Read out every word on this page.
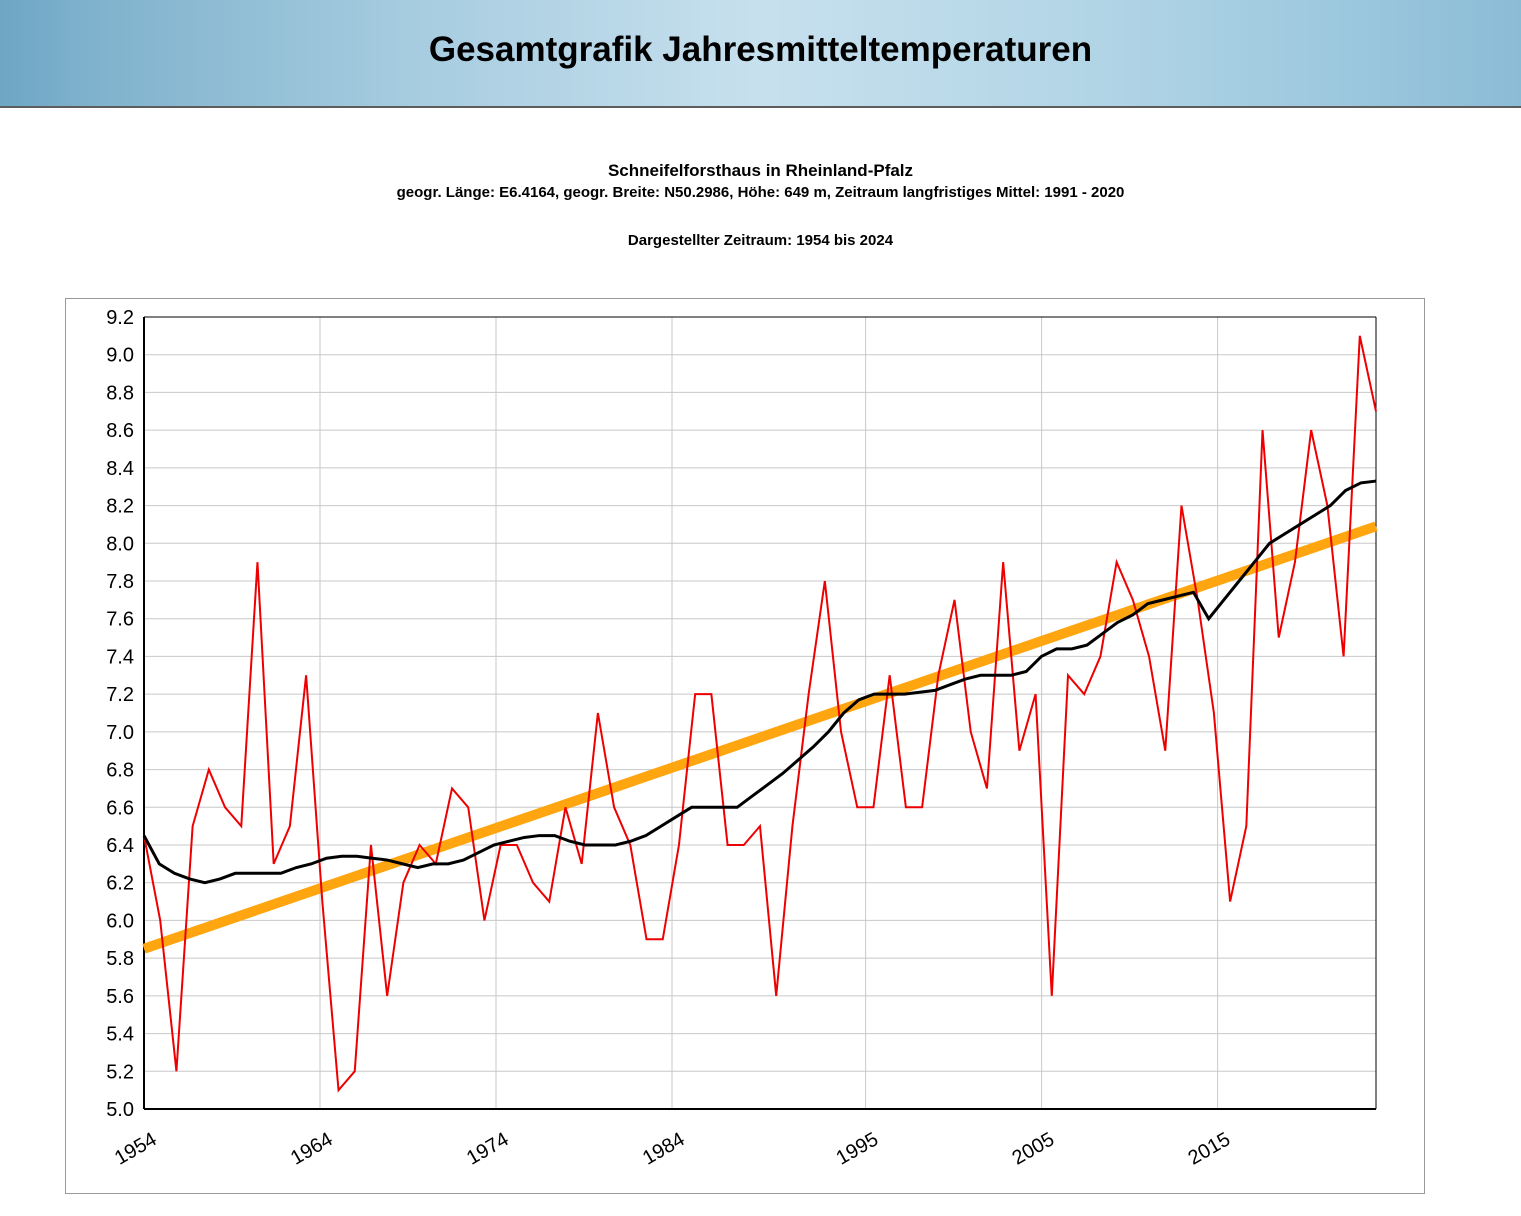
Gesamtgrafik Jahresmitteltemperaturen
Schneifelforsthaus in Rheinland-Pfalz
geogr. Länge: E6.4164, geogr. Breite: N50.2986, Höhe: 649 m, Zeitraum langfristiges Mittel: 1991 - 2020
Dargestellter Zeitraum: 1954 bis 2024
5.0
5.2
5.4
5.6
5.8
6.0
6.2
6.4
6.6
6.8
7.0
7.2
7.4
7.6
7.8
8.0
8.2
8.4
8.6
8.8
9.0
9.2
1954	1964	1974	1984	1995	2005	2015
